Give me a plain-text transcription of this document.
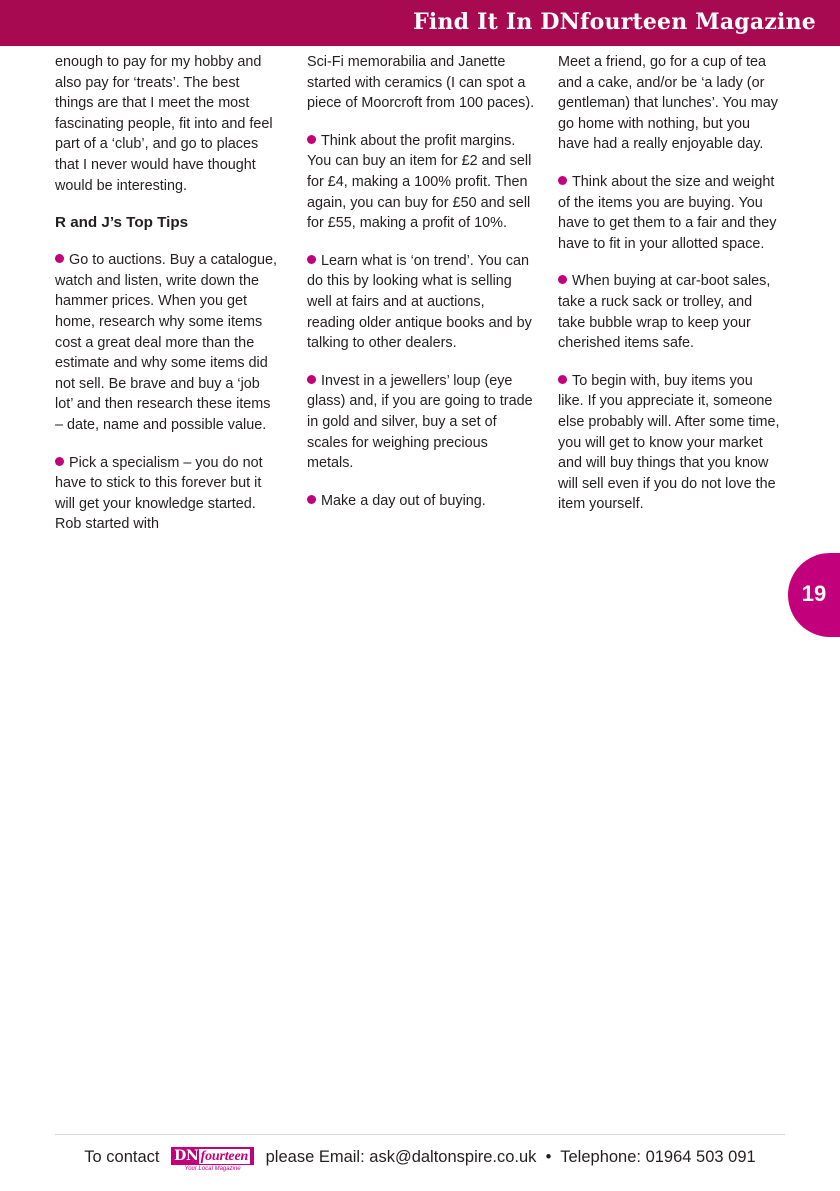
Find It In DNfourteen Magazine

enough to pay for my hobby and also pay for ‘treats’. The best things are that I meet the most fascinating people, fit into and feel part of a ‘club’, and go to places that I never would have thought would be interesting.

R and J’s Top Tips

Go to auctions. Buy a catalogue, watch and listen, write down the hammer prices. When you get home, research why some items cost a great deal more than the estimate and why some items did not sell. Be brave and buy a ‘job lot’ and then research these items – date, name and possible value.

Pick a specialism – you do not have to stick to this forever but it will get your knowledge started. Rob started with

Sci-Fi memorabilia and Janette started with ceramics (I can spot a piece of Moorcroft from 100 paces).

Think about the profit margins. You can buy an item for £2 and sell for £4, making a 100% profit. Then again, you can buy for £50 and sell for £55, making a profit of 10%.

Learn what is ‘on trend’. You can do this by looking what is selling well at fairs and at auctions, reading older antique books and by talking to other dealers.

Invest in a jewellers’ loup (eye glass) and, if you are going to trade in gold and silver, buy a set of scales for weighing precious metals.

Make a day out of buying.

Meet a friend, go for a cup of tea and a cake, and/or be ‘a lady (or gentleman) that lunches’. You may go home with nothing, but you have had a really enjoyable day.

Think about the size and weight of the items you are buying. You have to get them to a fair and they have to fit in your allotted space.

When buying at car-boot sales, take a ruck sack or trolley, and take bubble wrap to keep your cherished items safe.

To begin with, buy items you like. If you appreciate it, someone else probably will. After some time, you will get to know your market and will buy things that you know will sell even if you do not love the item yourself.

19
To contact DN fourteen
Your Local Magazine
please Email: ask@daltonspire.co.uk  •  Telephone: 01964 503 091
